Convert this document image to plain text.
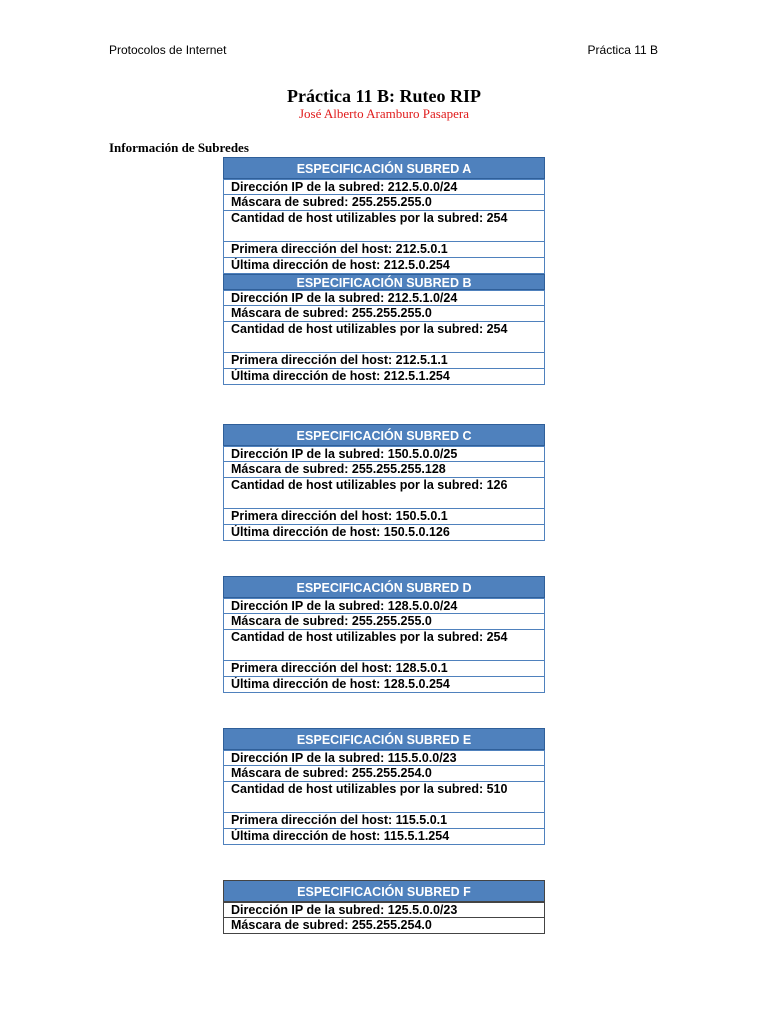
Protocolos de Internet	Práctica 11 B
Práctica 11 B: Ruteo RIP
José Alberto Aramburo Pasapera
Información de Subredes
ESPECIFICACIÓN SUBRED A
Dirección IP de la subred: 212.5.0.0/24
Máscara de subred: 255.255.255.0
Cantidad de host utilizables por la subred: 254
Primera dirección del host: 212.5.0.1
Última dirección de host: 212.5.0.254
ESPECIFICACIÓN SUBRED B
Dirección IP de la subred: 212.5.1.0/24
Máscara de subred: 255.255.255.0
Cantidad de host utilizables por la subred: 254
Primera dirección del host: 212.5.1.1
Última dirección de host: 212.5.1.254
ESPECIFICACIÓN SUBRED C
Dirección IP de la subred: 150.5.0.0/25
Máscara de subred: 255.255.255.128
Cantidad de host utilizables por la subred: 126
Primera dirección del host: 150.5.0.1
Última dirección de host: 150.5.0.126
ESPECIFICACIÓN SUBRED D
Dirección IP de la subred: 128.5.0.0/24
Máscara de subred: 255.255.255.0
Cantidad de host utilizables por la subred: 254
Primera dirección del host: 128.5.0.1
Última dirección de host: 128.5.0.254
ESPECIFICACIÓN SUBRED E
Dirección IP de la subred: 115.5.0.0/23
Máscara de subred: 255.255.254.0
Cantidad de host utilizables por la subred: 510
Primera dirección del host: 115.5.0.1
Última dirección de host: 115.5.1.254
ESPECIFICACIÓN SUBRED F
Dirección IP de la subred: 125.5.0.0/23
Máscara de subred: 255.255.254.0
